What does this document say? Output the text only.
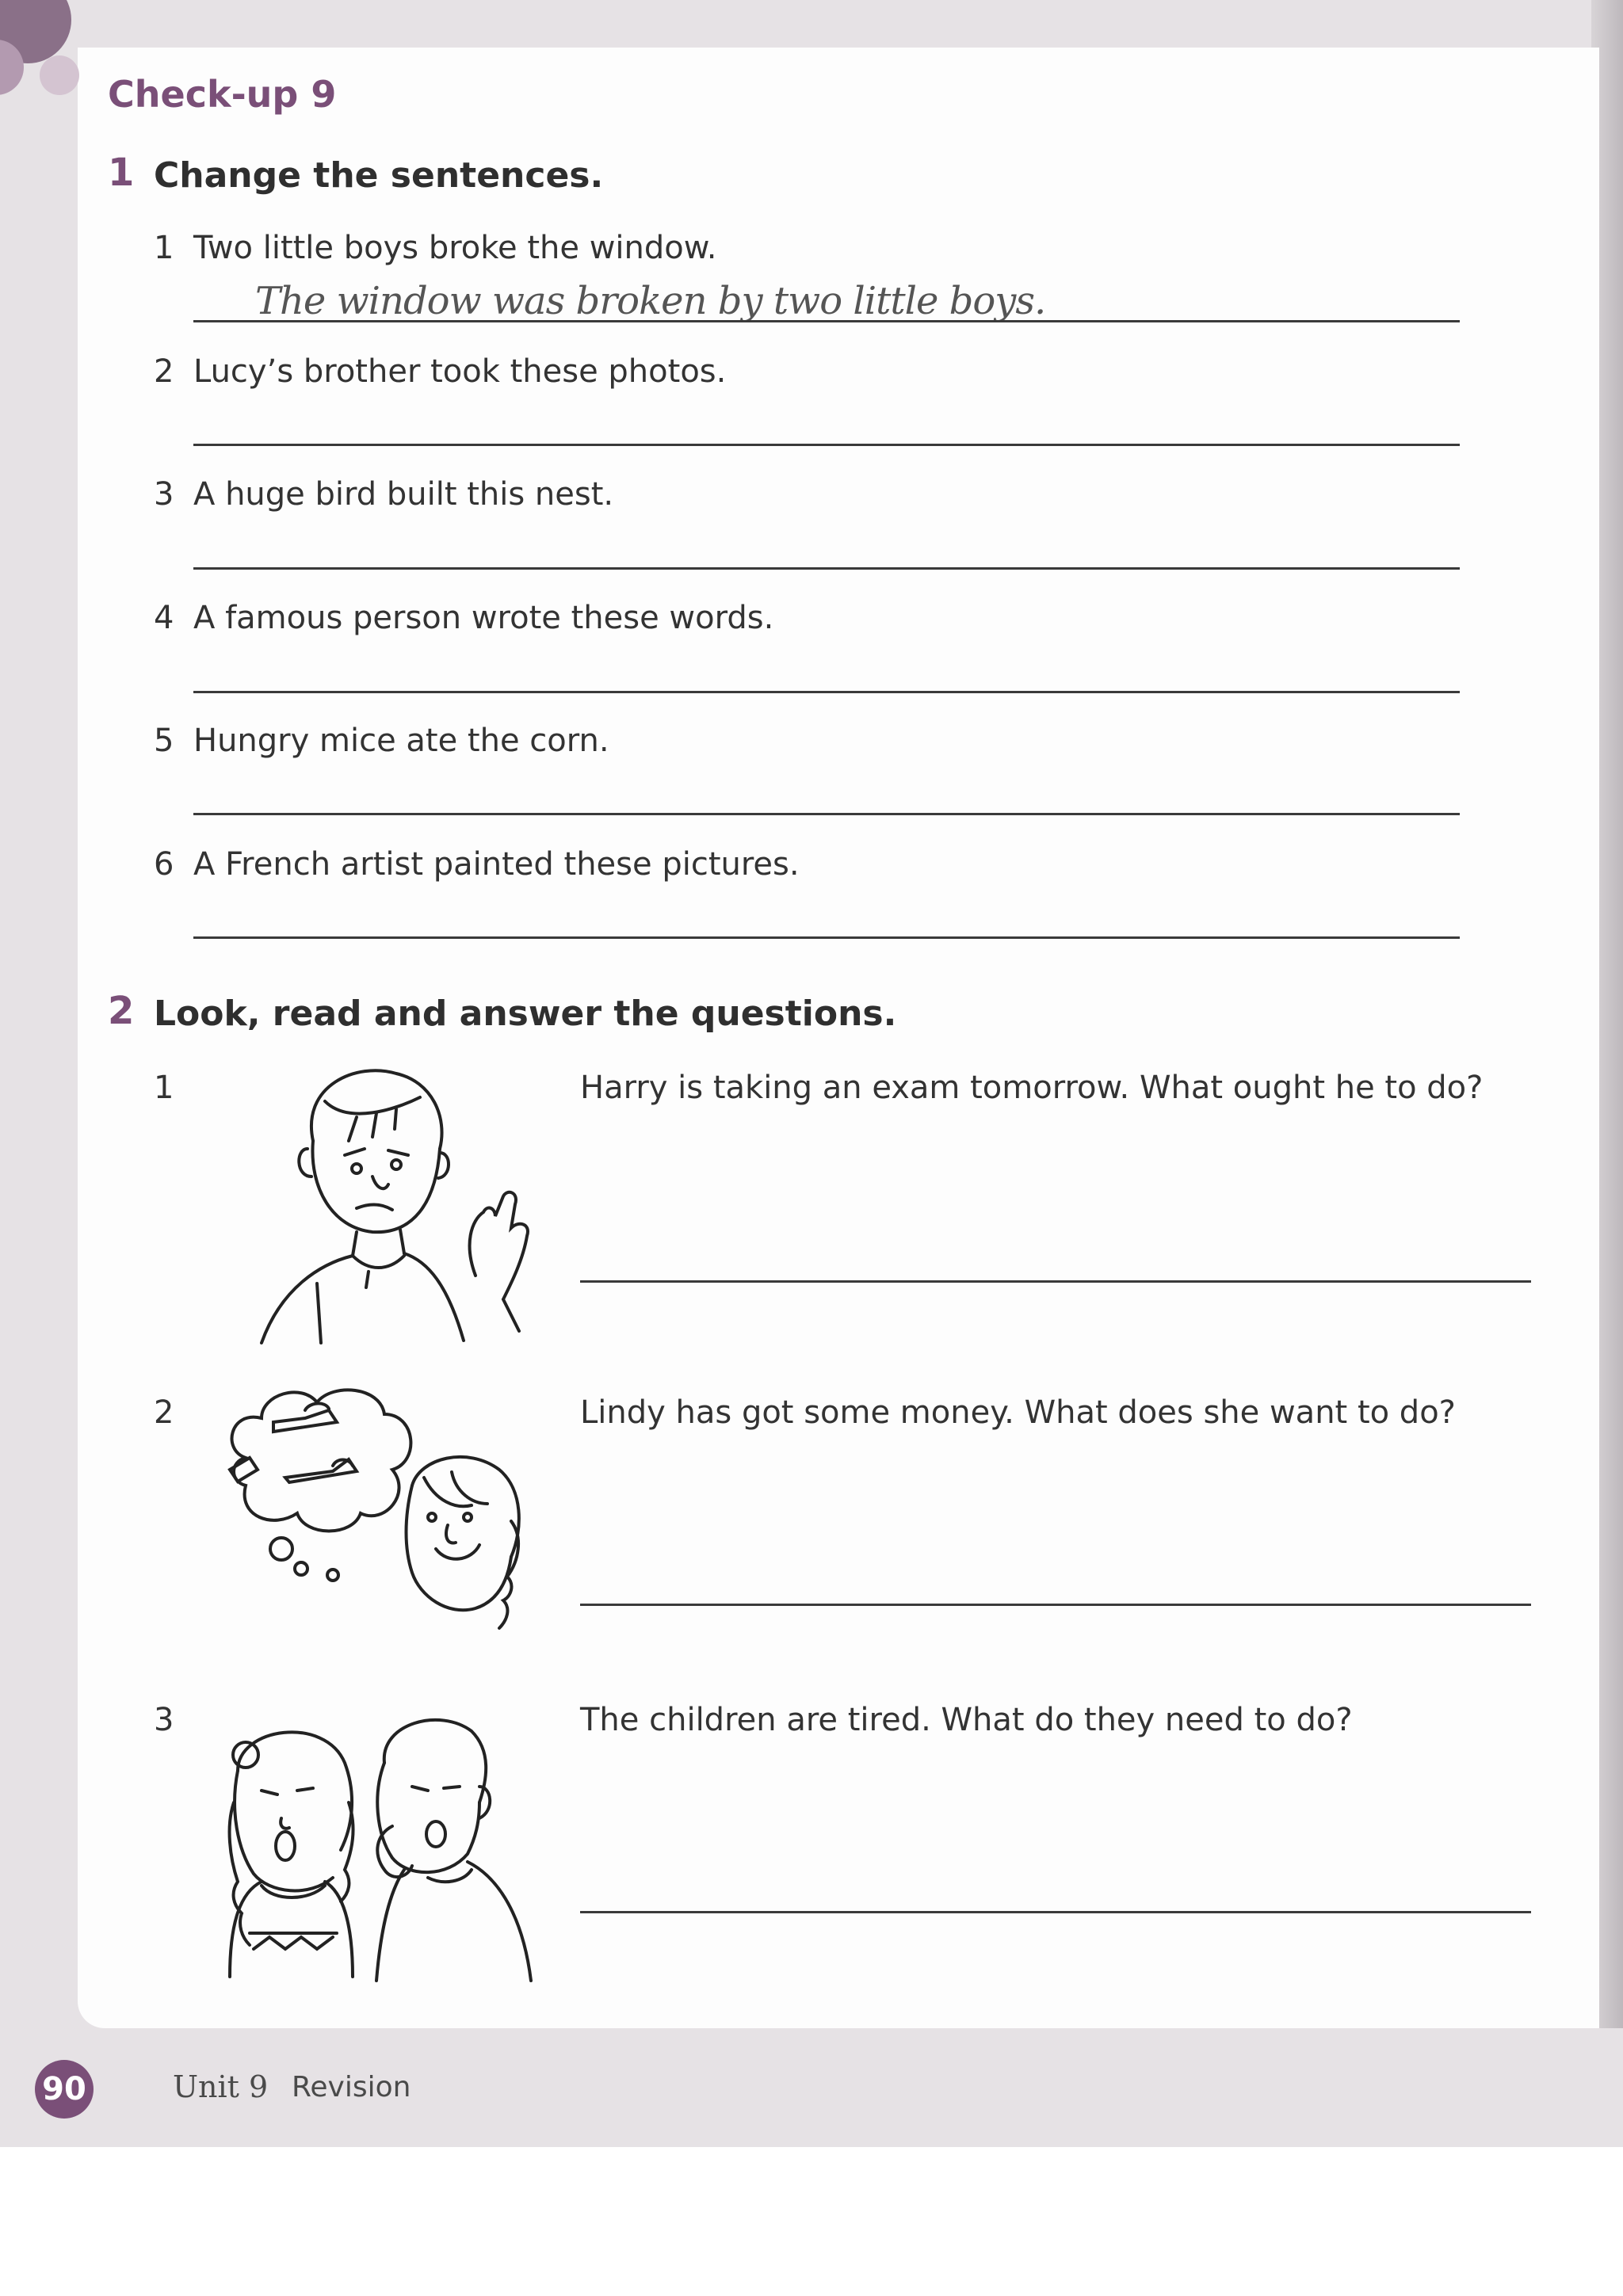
Check-up 9
1 Change the sentences.
1 Two little boys broke the window.
The window was broken by two little boys.
2 Lucy’s brother took these photos.
3 A huge bird built this nest.
4 A famous person wrote these words.
5 Hungry mice ate the corn.
6 A French artist painted these pictures.
2 Look, read and answer the questions.
1	Harry is taking an exam tomorrow. What ought he to do?
2	Lindy has got some money. What does she want to do?
3	The children are tired. What do they need to do?
90	Unit 9 Revision
